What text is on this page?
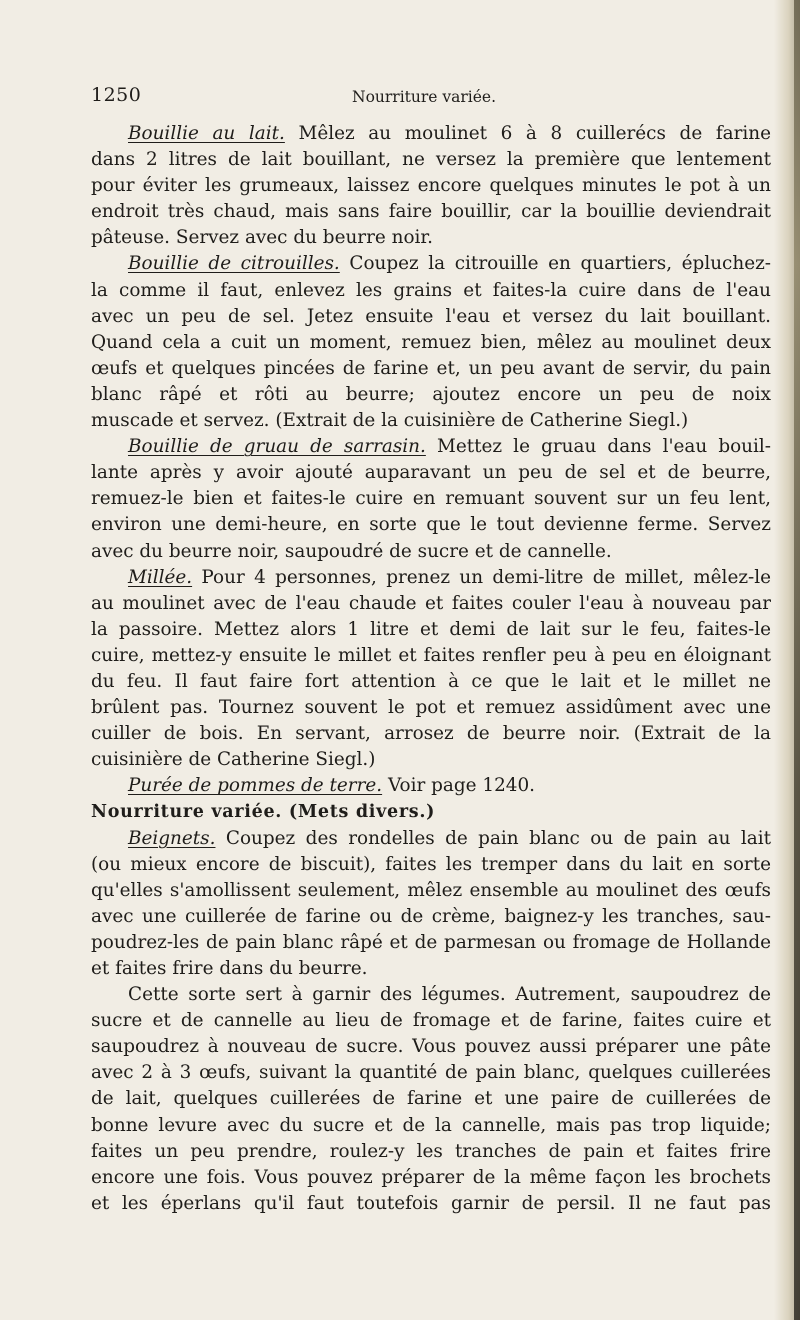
1250	Nourriture variée.
Bouillie au lait. Mêlez au moulinet 6 à 8 cuillerécs de farine
dans 2 litres de lait bouillant, ne versez la première que lentement
pour éviter les grumeaux, laissez encore quelques minutes le pot à un
endroit très chaud, mais sans faire bouillir, car la bouillie deviendrait
pâteuse. Servez avec du beurre noir.
Bouillie de citrouilles. Coupez la citrouille en quartiers, épluchez-
la comme il faut, enlevez les grains et faites-la cuire dans de l'eau
avec un peu de sel. Jetez ensuite l'eau et versez du lait bouillant.
Quand cela a cuit un moment, remuez bien, mêlez au moulinet deux
œufs et quelques pincées de farine et, un peu avant de servir, du pain
blanc râpé et rôti au beurre; ajoutez encore un peu de noix
muscade et servez. (Extrait de la cuisinière de Catherine Siegl.)
Bouillie de gruau de sarrasin. Mettez le gruau dans l'eau bouil-
lante après y avoir ajouté auparavant un peu de sel et de beurre,
remuez-le bien et faites-le cuire en remuant souvent sur un feu lent,
environ une demi-heure, en sorte que le tout devienne ferme. Servez
avec du beurre noir, saupoudré de sucre et de cannelle.
Millée. Pour 4 personnes, prenez un demi-litre de millet, mêlez-le
au moulinet avec de l'eau chaude et faites couler l'eau à nouveau par
la passoire. Mettez alors 1 litre et demi de lait sur le feu, faites-le
cuire, mettez-y ensuite le millet et faites renfler peu à peu en éloignant
du feu. Il faut faire fort attention à ce que le lait et le millet ne
brûlent pas. Tournez souvent le pot et remuez assidûment avec une
cuiller de bois. En servant, arrosez de beurre noir. (Extrait de la
cuisinière de Catherine Siegl.)
Purée de pommes de terre. Voir page 1240.
Nourriture variée. (Mets divers.)
Beignets. Coupez des rondelles de pain blanc ou de pain au lait
(ou mieux encore de biscuit), faites les tremper dans du lait en sorte
qu'elles s'amollissent seulement, mêlez ensemble au moulinet des œufs
avec une cuillerée de farine ou de crème, baignez-y les tranches, sau-
poudrez-les de pain blanc râpé et de parmesan ou fromage de Hollande
et faites frire dans du beurre.
Cette sorte sert à garnir des légumes. Autrement, saupoudrez de
sucre et de cannelle au lieu de fromage et de farine, faites cuire et
saupoudrez à nouveau de sucre. Vous pouvez aussi préparer une pâte
avec 2 à 3 œufs, suivant la quantité de pain blanc, quelques cuillerées
de lait, quelques cuillerées de farine et une paire de cuillerées de
bonne levure avec du sucre et de la cannelle, mais pas trop liquide;
faites un peu prendre, roulez-y les tranches de pain et faites frire
encore une fois. Vous pouvez préparer de la même façon les brochets
et les éperlans qu'il faut toutefois garnir de persil. Il ne faut pas
